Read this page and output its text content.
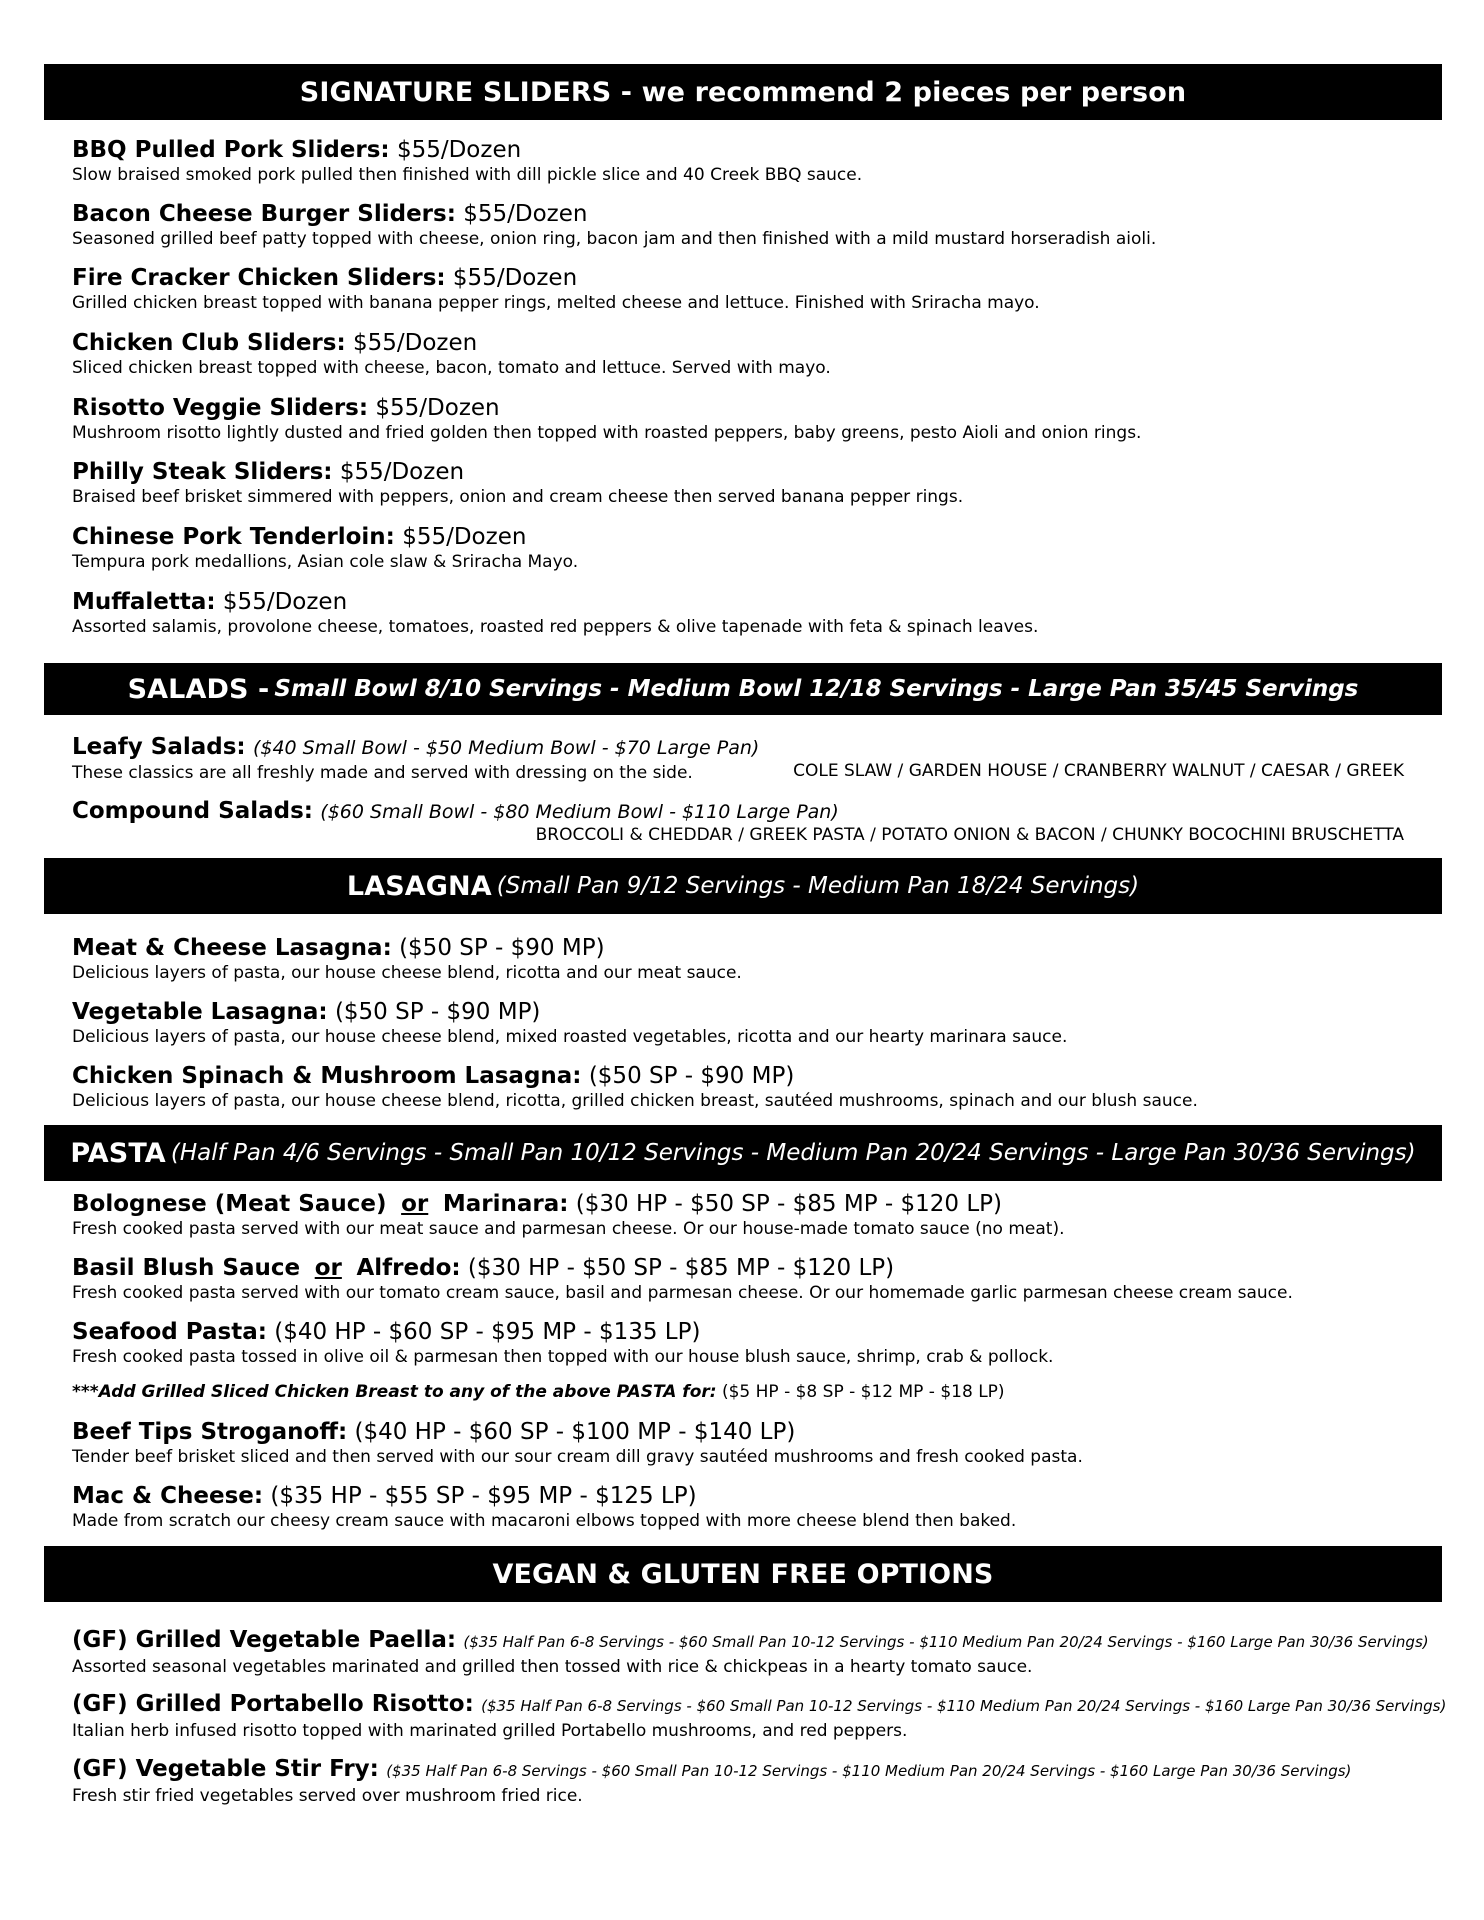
SIGNATURE SLIDERS - we recommend 2 pieces per person
BBQ Pulled Pork Sliders: $55/Dozen
Slow braised smoked pork pulled then finished with dill pickle slice and 40 Creek BBQ sauce.
Bacon Cheese Burger Sliders: $55/Dozen
Seasoned grilled beef patty topped with cheese, onion ring, bacon jam and then finished with a mild mustard horseradish aioli.
Fire Cracker Chicken Sliders: $55/Dozen
Grilled chicken breast topped with banana pepper rings, melted cheese and lettuce. Finished with Sriracha mayo.
Chicken Club Sliders: $55/Dozen
Sliced chicken breast topped with cheese, bacon, tomato and lettuce. Served with mayo.
Risotto Veggie Sliders: $55/Dozen
Mushroom risotto lightly dusted and fried golden then topped with roasted peppers, baby greens, pesto Aioli and onion rings.
Philly Steak Sliders: $55/Dozen
Braised beef brisket simmered with peppers, onion and cream cheese then served banana pepper rings.
Chinese Pork Tenderloin: $55/Dozen
Tempura pork medallions, Asian cole slaw & Sriracha Mayo.
Muffaletta: $55/Dozen
Assorted salamis, provolone cheese, tomatoes, roasted red peppers & olive tapenade with feta & spinach leaves.
SALADS -
Small Bowl 8/10 Servings - Medium Bowl 12/18 Servings - Large Pan 35/45 Servings
Leafy Salads: ($40 Small Bowl - $50 Medium Bowl - $70 Large Pan)
These classics are all freshly made and served with dressing on the side.	COLE SLAW / GARDEN HOUSE / CRANBERRY WALNUT / CAESAR / GREEK
Compound Salads: ($60 Small Bowl - $80 Medium Bowl - $110 Large Pan)
BROCCOLI & CHEDDAR / GREEK PASTA / POTATO ONION & BACON / CHUNKY BOCOCHINI BRUSCHETTA
LASAGNA
(Small Pan 9/12 Servings - Medium Pan 18/24 Servings)
Meat & Cheese Lasagna: ($50 SP - $90 MP)
Delicious layers of pasta, our house cheese blend, ricotta and our meat sauce.
Vegetable Lasagna: ($50 SP - $90 MP)
Delicious layers of pasta, our house cheese blend, mixed roasted vegetables, ricotta and our hearty marinara sauce.
Chicken Spinach & Mushroom Lasagna: ($50 SP - $90 MP)
Delicious layers of pasta, our house cheese blend, ricotta, grilled chicken breast, sautéed mushrooms, spinach and our blush sauce.
PASTA
(Half Pan 4/6 Servings - Small Pan 10/12 Servings - Medium Pan 20/24 Servings - Large Pan 30/36 Servings)
Bolognese (Meat Sauce) or Marinara: ($30 HP - $50 SP - $85 MP - $120 LP)
Fresh cooked pasta served with our meat sauce and parmesan cheese. Or our house-made tomato sauce (no meat).
Basil Blush Sauce or Alfredo: ($30 HP - $50 SP - $85 MP - $120 LP)
Fresh cooked pasta served with our tomato cream sauce, basil and parmesan cheese. Or our homemade garlic parmesan cheese cream sauce.
Seafood Pasta: ($40 HP - $60 SP - $95 MP - $135 LP)
Fresh cooked pasta tossed in olive oil & parmesan then topped with our house blush sauce, shrimp, crab & pollock.
***Add Grilled Sliced Chicken Breast to any of the above PASTA for: ($5 HP - $8 SP - $12 MP - $18 LP)
Beef Tips Stroganoff: ($40 HP - $60 SP - $100 MP - $140 LP)
Tender beef brisket sliced and then served with our sour cream dill gravy sautéed mushrooms and fresh cooked pasta.
Mac & Cheese: ($35 HP - $55 SP - $95 MP - $125 LP)
Made from scratch our cheesy cream sauce with macaroni elbows topped with more cheese blend then baked.
VEGAN & GLUTEN FREE OPTIONS
(GF) Grilled Vegetable Paella: ($35 Half Pan 6-8 Servings - $60 Small Pan 10-12 Servings - $110 Medium Pan 20/24 Servings - $160 Large Pan 30/36 Servings)
Assorted seasonal vegetables marinated and grilled then tossed with rice & chickpeas in a hearty tomato sauce.
(GF) Grilled Portabello Risotto: ($35 Half Pan 6-8 Servings - $60 Small Pan 10-12 Servings - $110 Medium Pan 20/24 Servings - $160 Large Pan 30/36 Servings)
Italian herb infused risotto topped with marinated grilled Portabello mushrooms, and red peppers.
(GF) Vegetable Stir Fry: ($35 Half Pan 6-8 Servings - $60 Small Pan 10-12 Servings - $110 Medium Pan 20/24 Servings - $160 Large Pan 30/36 Servings)
Fresh stir fried vegetables served over mushroom fried rice.
